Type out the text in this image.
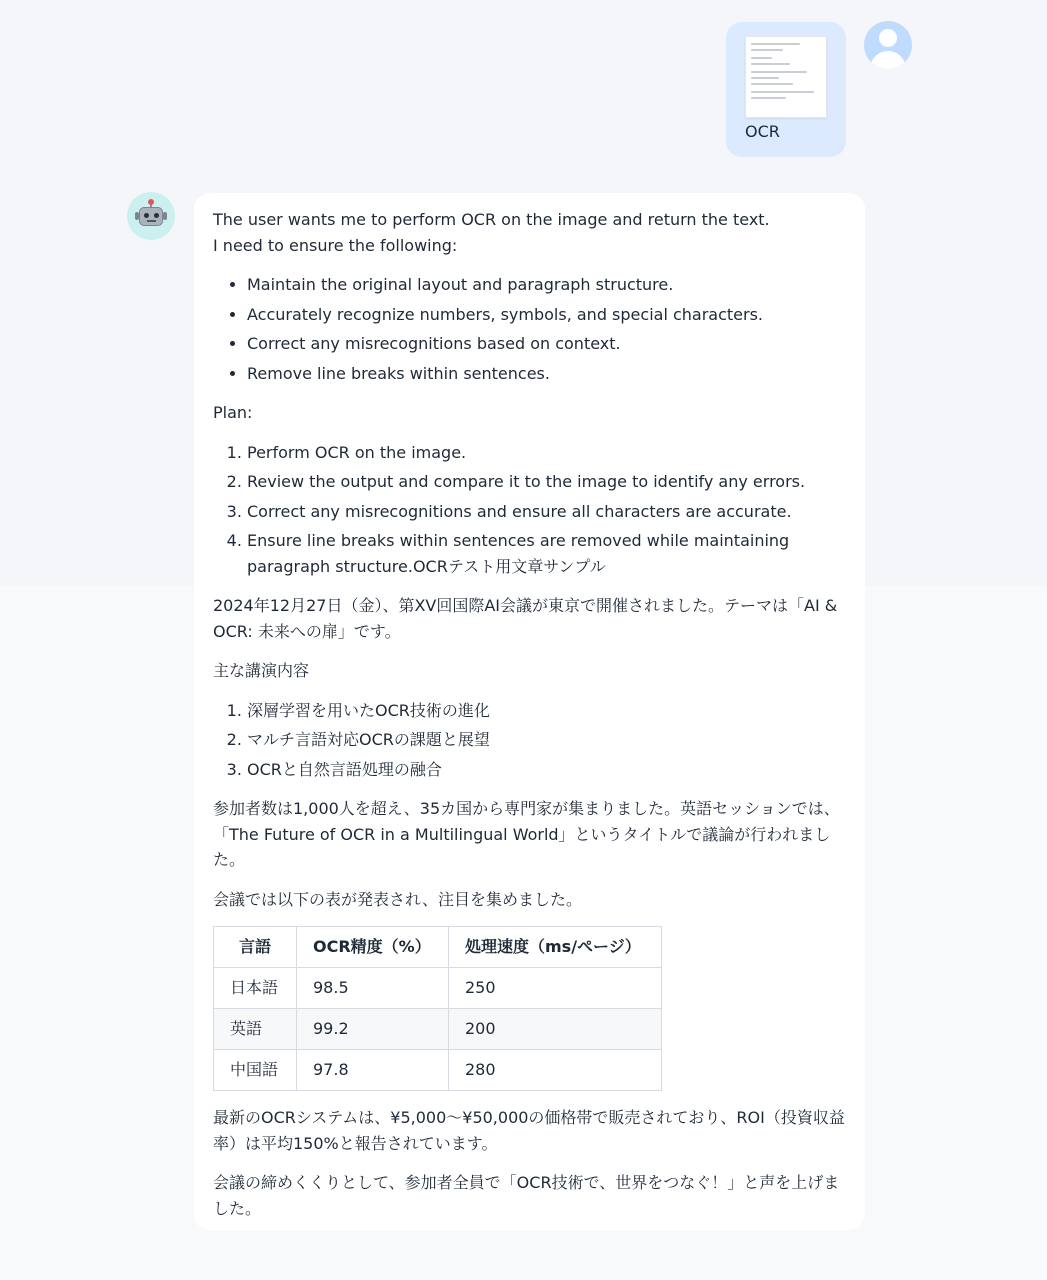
OCR

The user wants me to perform OCR on the image and return the text.

I need to ensure the following:

• Maintain the original layout and paragraph structure.
• Accurately recognize numbers, symbols, and special characters.
• Correct any misrecognitions based on context.
• Remove line breaks within sentences.

Plan:

1. Perform OCR on the image.
2. Review the output and compare it to the image to identify any errors.
3. Correct any misrecognitions and ensure all characters are accurate.
4. Ensure line breaks within sentences are removed while maintaining paragraph structure.OCRテスト用文章サンプル

2024年12月27日（金）、第XV回国際AI会議が東京で開催されました。テーマは「AI & OCR: 未来への扉」です。

主な講演内容

1. 深層学習を用いたOCR技術の進化
2. マルチ言語対応OCRの課題と展望
3. OCRと自然言語処理の融合

参加者数は1,000人を超え、35カ国から専門家が集まりました。英語セッションでは、「The Future of OCR in a Multilingual World」というタイトルで議論が行われました。

会議では以下の表が発表され、注目を集めました。

言語	OCR精度（%）	処理速度（ms/ページ）
日本語	98.5	250
英語	99.2	200
中国語	97.8	280

最新のOCRシステムは、¥5,000〜¥50,000の価格帯で販売されており、ROI（投資収益率）は平均150%と報告されています。

会議の締めくくりとして、参加者全員で「OCR技術で、世界をつなぐ！」と声を上げました。
